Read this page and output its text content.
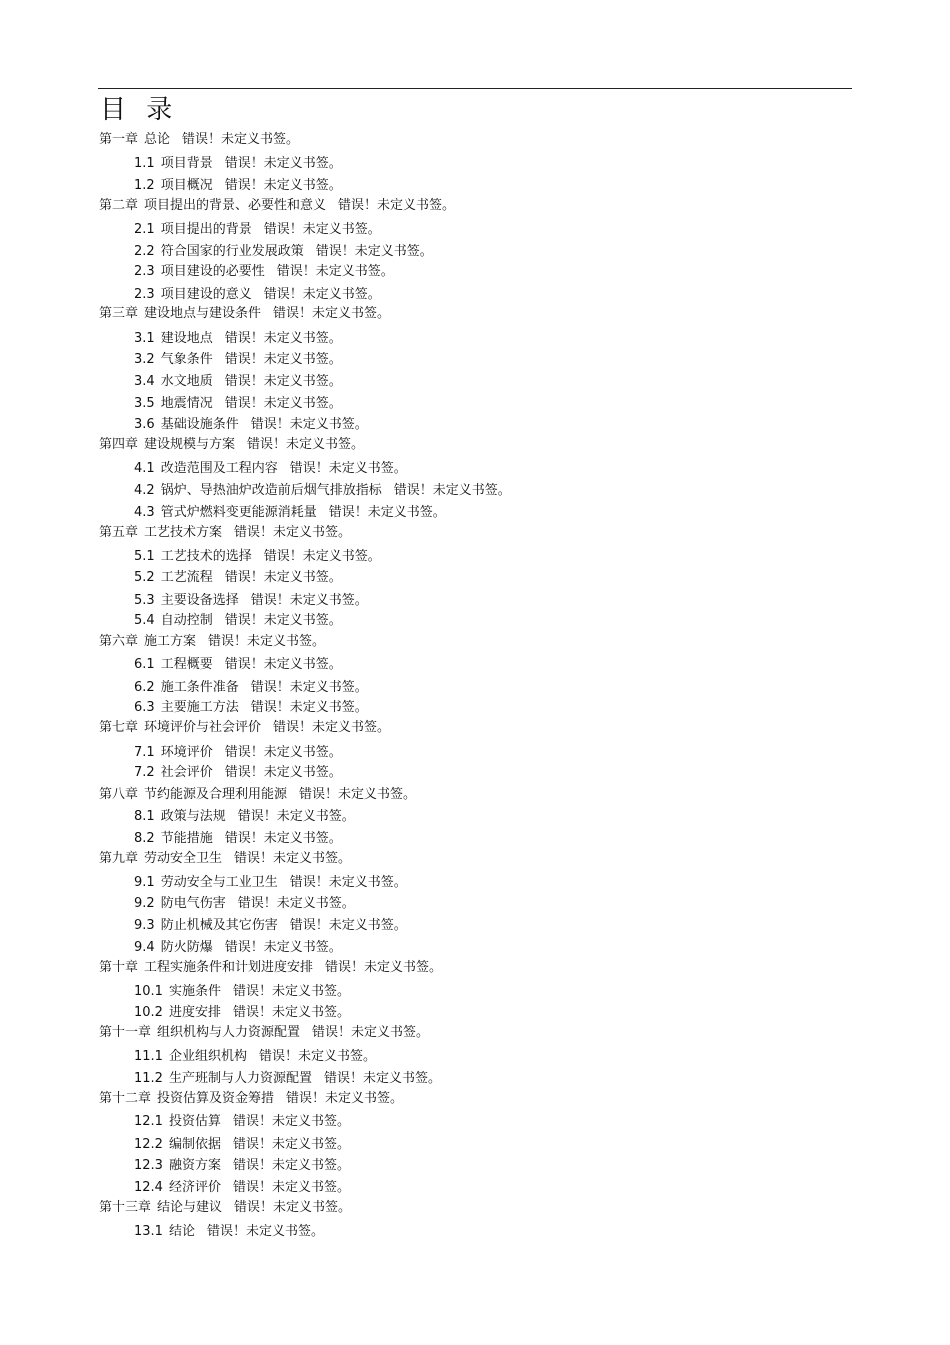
目 录
第一章 总论 错误！未定义书签。
1.1 项目背景 错误！未定义书签。
1.2 项目概况 错误！未定义书签。
第二章 项目提出的背景、必要性和意义 错误！未定义书签。
2.1 项目提出的背景 错误！未定义书签。
2.2 符合国家的行业发展政策 错误！未定义书签。
2.3 项目建设的必要性 错误！未定义书签。
2.3 项目建设的意义 错误！未定义书签。
第三章 建设地点与建设条件 错误！未定义书签。
3.1 建设地点 错误！未定义书签。
3.2 气象条件 错误！未定义书签。
3.4 水文地质 错误！未定义书签。
3.5 地震情况 错误！未定义书签。
3.6 基础设施条件 错误！未定义书签。
第四章 建设规模与方案 错误！未定义书签。
4.1 改造范围及工程内容 错误！未定义书签。
4.2 锅炉、导热油炉改造前后烟气排放指标 错误！未定义书签。
4.3 管式炉燃料变更能源消耗量 错误！未定义书签。
第五章 工艺技术方案 错误！未定义书签。
5.1 工艺技术的选择 错误！未定义书签。
5.2 工艺流程 错误！未定义书签。
5.3 主要设备选择 错误！未定义书签。
5.4 自动控制 错误！未定义书签。
第六章 施工方案 错误！未定义书签。
6.1 工程概要 错误！未定义书签。
6.2 施工条件准备 错误！未定义书签。
6.3 主要施工方法 错误！未定义书签。
第七章 环境评价与社会评价 错误！未定义书签。
7.1 环境评价 错误！未定义书签。
7.2 社会评价 错误！未定义书签。
第八章 节约能源及合理利用能源 错误！未定义书签。
8.1 政策与法规 错误！未定义书签。
8.2 节能措施 错误！未定义书签。
第九章 劳动安全卫生 错误！未定义书签。
9.1 劳动安全与工业卫生 错误！未定义书签。
9.2 防电气伤害 错误！未定义书签。
9.3 防止机械及其它伤害 错误！未定义书签。
9.4 防火防爆 错误！未定义书签。
第十章 工程实施条件和计划进度安排 错误！未定义书签。
10.1 实施条件 错误！未定义书签。
10.2 进度安排 错误！未定义书签。
第十一章 组织机构与人力资源配置 错误！未定义书签。
11.1 企业组织机构 错误！未定义书签。
11.2 生产班制与人力资源配置 错误！未定义书签。
第十二章 投资估算及资金筹措 错误！未定义书签。
12.1 投资估算 错误！未定义书签。
12.2 编制依据 错误！未定义书签。
12.3 融资方案 错误！未定义书签。
12.4 经济评价 错误！未定义书签。
第十三章 结论与建议 错误！未定义书签。
13.1 结论 错误！未定义书签。
